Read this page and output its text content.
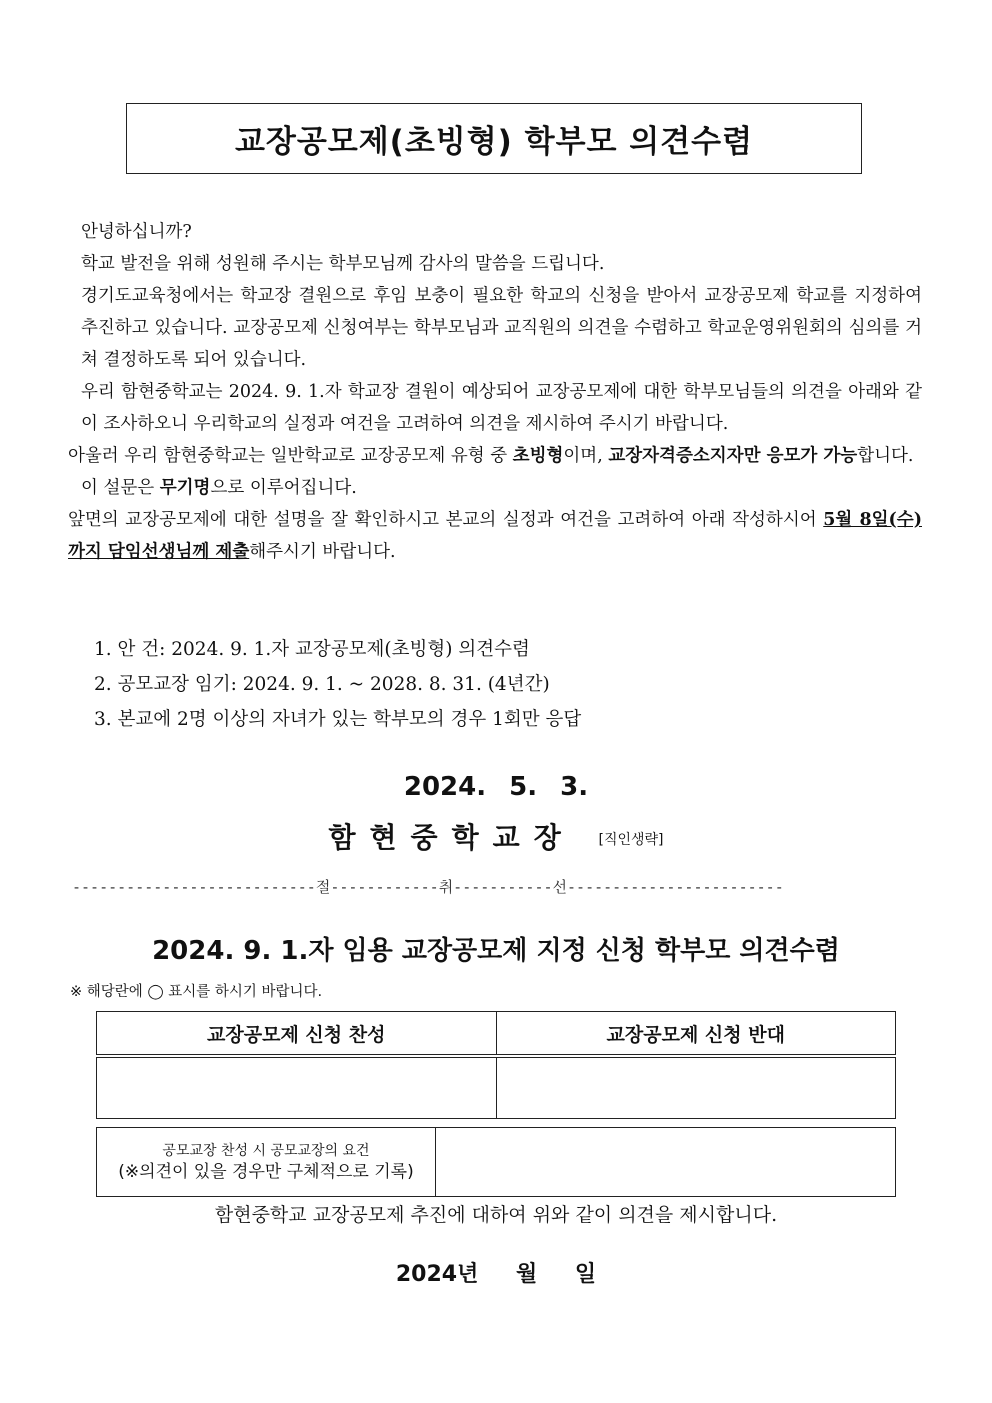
교장공모제(초빙형) 학부모 의견수렴

안녕하십니까?

학교 발전을 위해 성원해 주시는 학부모님께 감사의 말씀을 드립니다.

경기도교육청에서는 학교장 결원으로 후임 보충이 필요한 학교의 신청을 받아서 교장공모제 학교를 지정하여 추진하고 있습니다. 교장공모제 신청여부는 학부모님과 교직원의 의견을 수렴하고 학교운영위원회의 심의를 거쳐 결정하도록 되어 있습니다.

우리 함현중학교는 2024. 9. 1.자 학교장 결원이 예상되어 교장공모제에 대한 학부모님들의 의견을 아래와 같이 조사하오니 우리학교의 실정과 여건을 고려하여 의견을 제시하여 주시기 바랍니다.

아울러 우리 함현중학교는 일반학교로 교장공모제 유형 중 초빙형이며, 교장자격증소지자만 응모가 가능합니다.

이 설문은 무기명으로 이루어집니다.

앞면의 교장공모제에 대한 설명을 잘 확인하시고 본교의 실정과 여건을 고려하여 아래 작성하시어 5월 8일(수)까지 담임선생님께 제출해주시기 바랍니다.

1. 안 건: 2024. 9. 1.자 교장공모제(초빙형) 의견수렴
2. 공모교장 임기: 2024. 9. 1. ~ 2028. 8. 31. (4년간)
3. 본교에 2명 이상의 자녀가 있는 학부모의 경우 1회만 응답
2024. 5. 3.
함현중학교장 [직인생략]
---------------------------절------------취-----------선------------------------
2024. 9. 1.자 임용 교장공모제 지정 신청 학부모 의견수렴
※ 해당란에 ◯ 표시를 하시기 바랍니다.
교장공모제 신청 찬성	교장공모제 신청 반대

공모교장 찬성 시 공모교장의 요건
(※의견이 있을 경우만 구체적으로 기록)

함현중학교 교장공모제 추진에 대하여 위와 같이 의견을 제시합니다.
2024년 월 일
